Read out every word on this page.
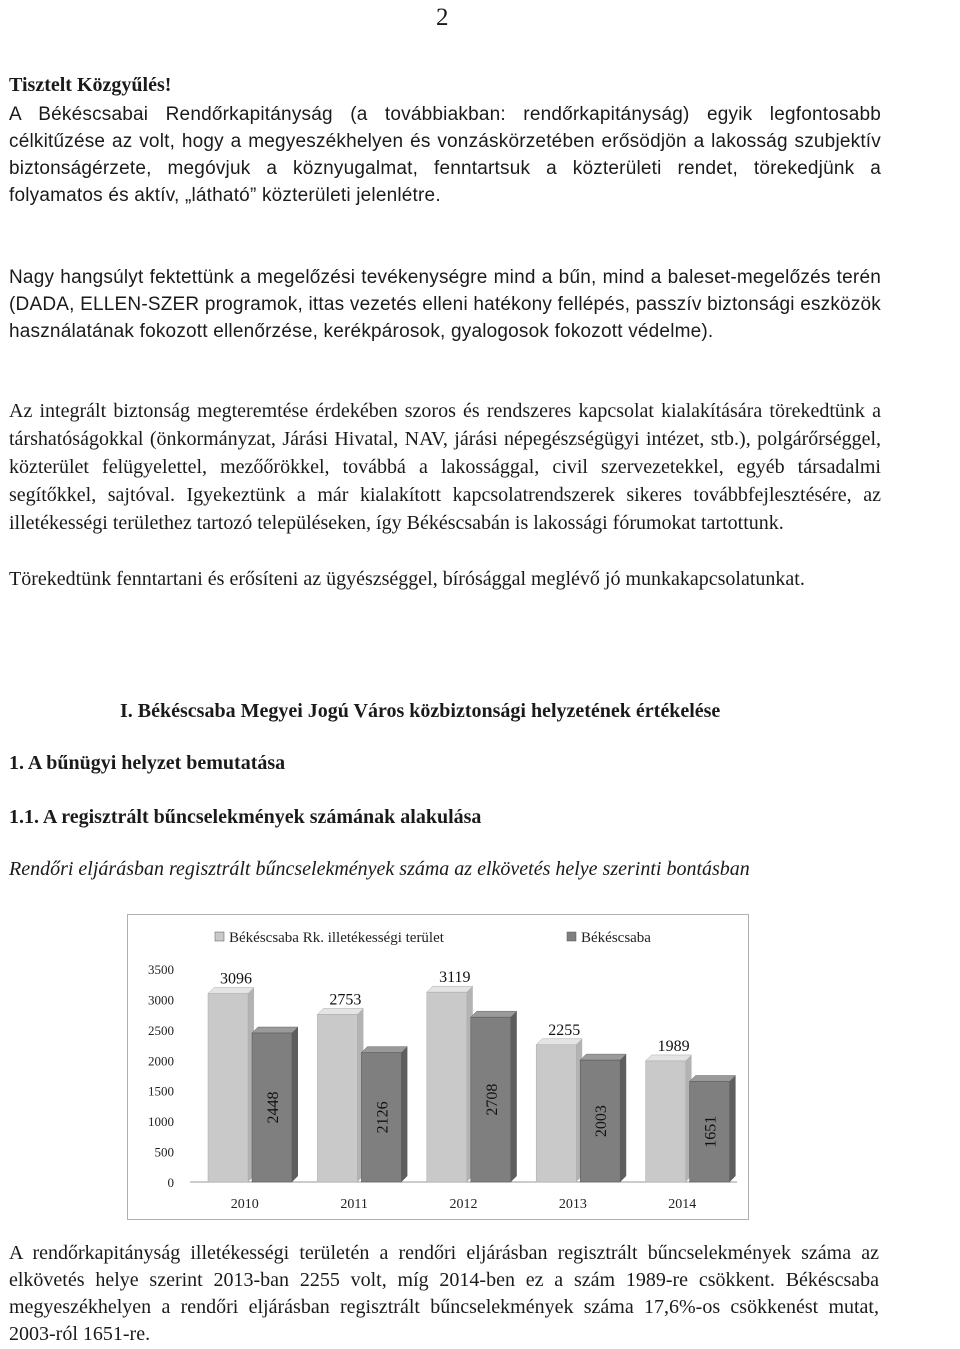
2
Tisztelt Közgyűlés!

A Békéscsabai Rendőrkapitányság (a továbbiakban: rendőrkapitányság) egyik legfontosabb célkitűzése az volt, hogy a megyeszékhelyen és vonzáskörzetében erősödjön a lakosság szubjektív biztonságérzete, megóvjuk a köznyugalmat, fenntartsuk a közterületi rendet, törekedjünk a folyamatos és aktív, „látható” közterületi jelenlétre.

Nagy hangsúlyt fektettünk a megelőzési tevékenységre mind a bűn, mind a baleset-megelőzés terén (DADA, ELLEN-SZER programok, ittas vezetés elleni hatékony fellépés, passzív biztonsági eszközök használatának fokozott ellenőrzése, kerékpárosok, gyalogosok fokozott védelme).

Az integrált biztonság megteremtése érdekében szoros és rendszeres kapcsolat kialakítására törekedtünk a társhatóságokkal (önkormányzat, Járási Hivatal, NAV, járási népegészségügyi intézet, stb.), polgárőrséggel, közterület felügyelettel, mezőőrökkel, továbbá a lakossággal, civil szervezetekkel, egyéb társadalmi segítőkkel, sajtóval. Igyekeztünk a már kialakított kapcsolatrendszerek sikeres továbbfejlesztésére, az illetékességi területhez tartozó településeken, így Békéscsabán is lakossági fórumokat tartottunk.

Törekedtünk fenntartani és erősíteni az ügyészséggel, bírósággal meglévő jó munkakapcsolatunkat.

I. Békéscsaba Megyei Jogú Város közbiztonsági helyzetének értékelése
1. A bűnügyi helyzet bemutatása
1.1. A regisztrált bűncselekmények számának alakulása
Rendőri eljárásban regisztrált bűncselekmények száma az elkövetés helye szerinti bontásban
Békéscsaba Rk. illetékességi terület	Békéscsaba
0
500
1000
1500
2000
2500
3000
3500
3096
2448
2010
2753
2126
2011
3119
2708
2012
2255
2003
2013
1989
1651
2014

A rendőrkapitányság illetékességi területén a rendőri eljárásban regisztrált bűncselekmények száma az elkövetés helye szerint 2013-ban 2255 volt, míg 2014-ben ez a szám 1989-re csökkent. Békéscsaba megyeszékhelyen a rendőri eljárásban regisztrált bűncselekmények száma 17,6%-os csökkenést mutat, 2003-ról 1651-re.
